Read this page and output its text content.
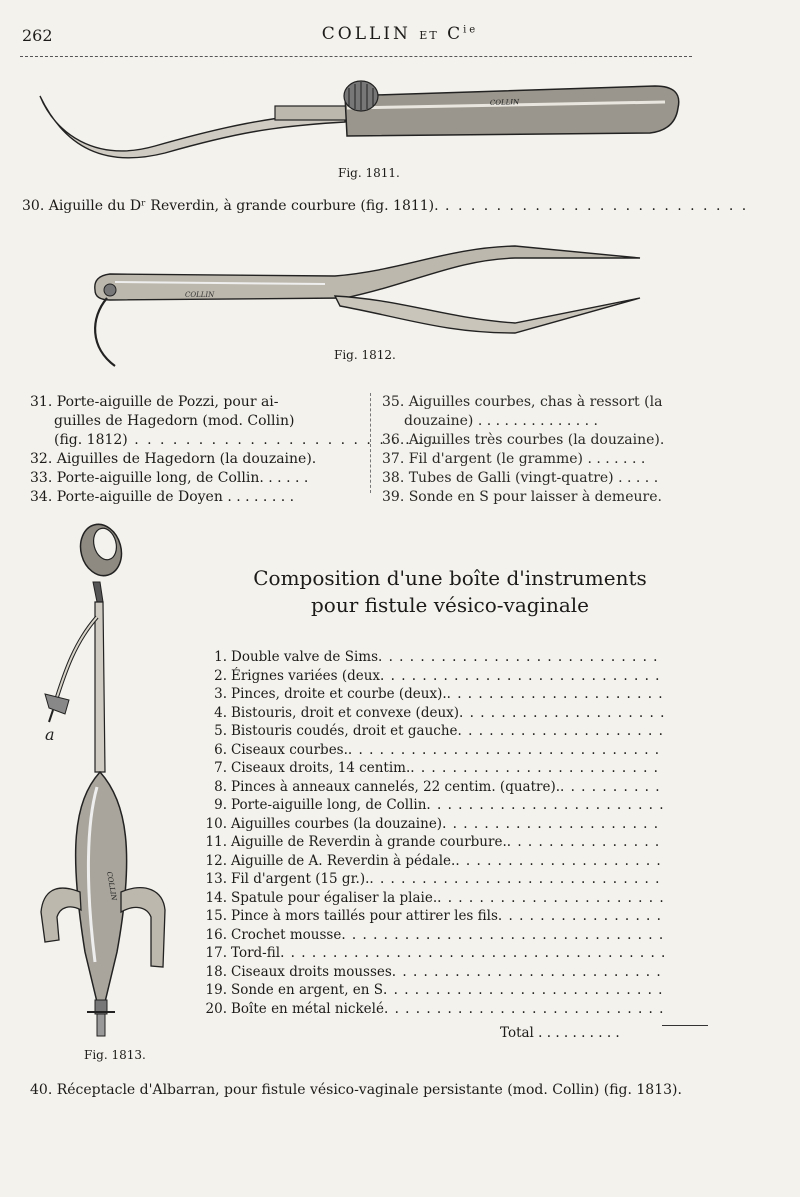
262	COLLIN ET $C^{ie}$
COLLIN
Fig. 1811.
30. Aiguille du Dʳ Reverdin, à grande courbure (fig. 1811). . . .
COLLIN
Fig. 1812.
31. Porte-aiguille de Pozzi, pour ai-
guilles de Hagedorn (mod. Collin)
(fig. 1812) . . .
32. Aiguilles de Hagedorn (la douzaine).
33. Porte-aiguille long, de Collin. . . . . .
34. Porte-aiguille de Doyen . . . . . . . .
35. Aiguilles courbes, chas à ressort (la
douzaine) . . . . . . . . . . . . . .
36. Aiguilles très courbes (la douzaine).
37. Fil d'argent (le gramme) . . . . . . .
38. Tubes de Galli (vingt-quatre) . . . . .
39. Sonde en S pour laisser à demeure.
a
COLLIN
Fig. 1813.
Composition d'une boîte d'instruments
pour fistule vésico-vaginale
1. Double valve de Sims
. . .
2. Érignes variées (deux
. . .
3. Pinces, droite et courbe (deux).
. . .
4. Bistouris, droit et convexe (deux)
. . .
5. Bistouris coudés, droit et gauche
. . .
6. Ciseaux courbes.
. . .
7. Ciseaux droits, 14 centim.
. . .
8. Pinces à anneaux cannelés, 22 centim. (quatre).
. . .
9. Porte-aiguille long, de Collin
. . .
10. Aiguilles courbes (la douzaine)
. . .
11. Aiguille de Reverdin à grande courbure.
. . .
12. Aiguille de A. Reverdin à pédale.
. . .
13. Fil d'argent (15 gr.).
. . .
14. Spatule pour égaliser la plaie.
. . .
15. Pince à mors taillés pour attirer les fils
. . .
16. Crochet mousse
. . .
17. Tord-fil
. . .
18. Ciseaux droits mousses
. . .
19. Sonde en argent, en S
. . .
20. Boîte en métal nickelé
. . .
Total . . . . . . . . . .
40. Réceptacle d'Albarran, pour fistule vésico-vaginale persistante (mod. Collin) (fig. 1813).
